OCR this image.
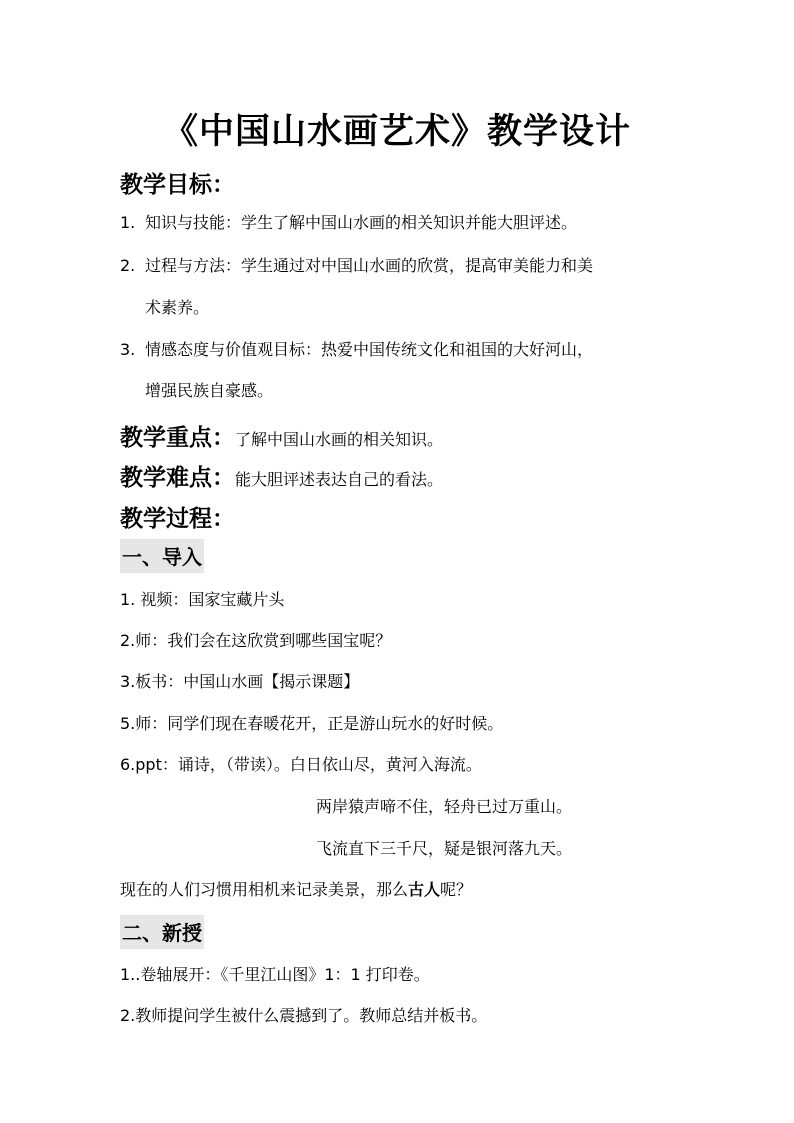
《中国山水画艺术》教学设计
教学目标：
1. 知识与技能：学生了解中国山水画的相关知识并能大胆评述。
2. 过程与方法：学生通过对中国山水画的欣赏，提高审美能力和美
术素养。
3. 情感态度与价值观目标：热爱中国传统文化和祖国的大好河山，
增强民族自豪感。
教学重点：了解中国山水画的相关知识。
教学难点：能大胆评述表达自己的看法。
教学过程：
一、导入
1. 视频：国家宝藏片头
2.师：我们会在这欣赏到哪些国宝呢？
3.板书：中国山水画【揭示课题】
5.师：同学们现在春暖花开，正是游山玩水的好时候。
6.ppt：诵诗，（带读）。白日依山尽，黄河入海流。
两岸猿声啼不住，轻舟已过万重山。
飞流直下三千尺，疑是银河落九天。
现在的人们习惯用相机来记录美景，那么古人呢？
二、新授
1..卷轴展开：《千里江山图》1：1 打印卷。
2.教师提问学生被什么震撼到了。教师总结并板书。
